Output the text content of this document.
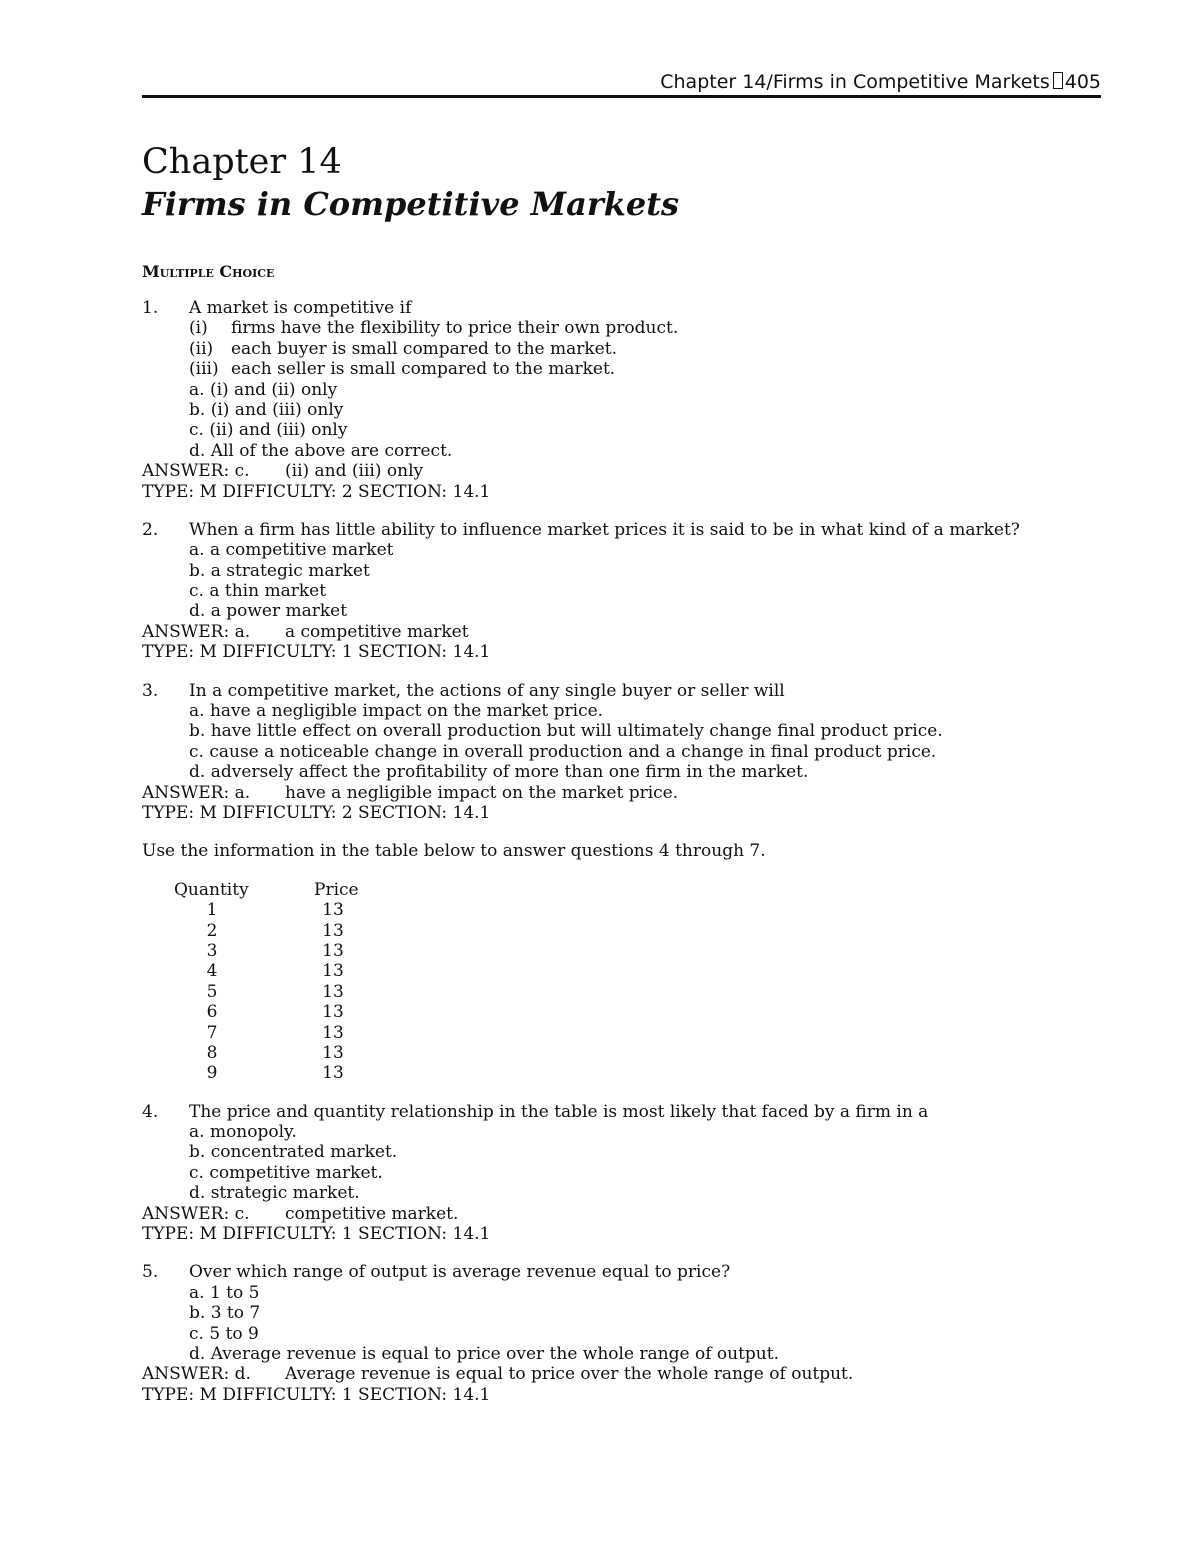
Chapter 14/Firms in Competitive Markets 405
Chapter 14
Firms in Competitive Markets
Multiple Choice
1. A market is competitive if
(i) firms have the flexibility to price their own product.
(ii) each buyer is small compared to the market.
(iii) each seller is small compared to the market.
a. (i) and (ii) only
b. (i) and (iii) only
c. (ii) and (iii) only
d. All of the above are correct.
ANSWER: c. (ii) and (iii) only
TYPE: M DIFFICULTY: 2 SECTION: 14.1
2. When a firm has little ability to influence market prices it is said to be in what kind of a market?
a. a competitive market
b. a strategic market
c. a thin market
d. a power market
ANSWER: a. a competitive market
TYPE: M DIFFICULTY: 1 SECTION: 14.1
3. In a competitive market, the actions of any single buyer or seller will
a. have a negligible impact on the market price.
b. have little effect on overall production but will ultimately change final product price.
c. cause a noticeable change in overall production and a change in final product price.
d. adversely affect the profitability of more than one firm in the market.
ANSWER: a. have a negligible impact on the market price.
TYPE: M DIFFICULTY: 2 SECTION: 14.1
Use the information in the table below to answer questions 4 through 7.
Quantity	Price
1	13
2	13
3	13
4	13
5	13
6	13
7	13
8	13
9	13
4. The price and quantity relationship in the table is most likely that faced by a firm in a
a. monopoly.
b. concentrated market.
c. competitive market.
d. strategic market.
ANSWER: c. competitive market.
TYPE: M DIFFICULTY: 1 SECTION: 14.1
5. Over which range of output is average revenue equal to price?
a. 1 to 5
b. 3 to 7
c. 5 to 9
d. Average revenue is equal to price over the whole range of output.
ANSWER: d. Average revenue is equal to price over the whole range of output.
TYPE: M DIFFICULTY: 1 SECTION: 14.1
